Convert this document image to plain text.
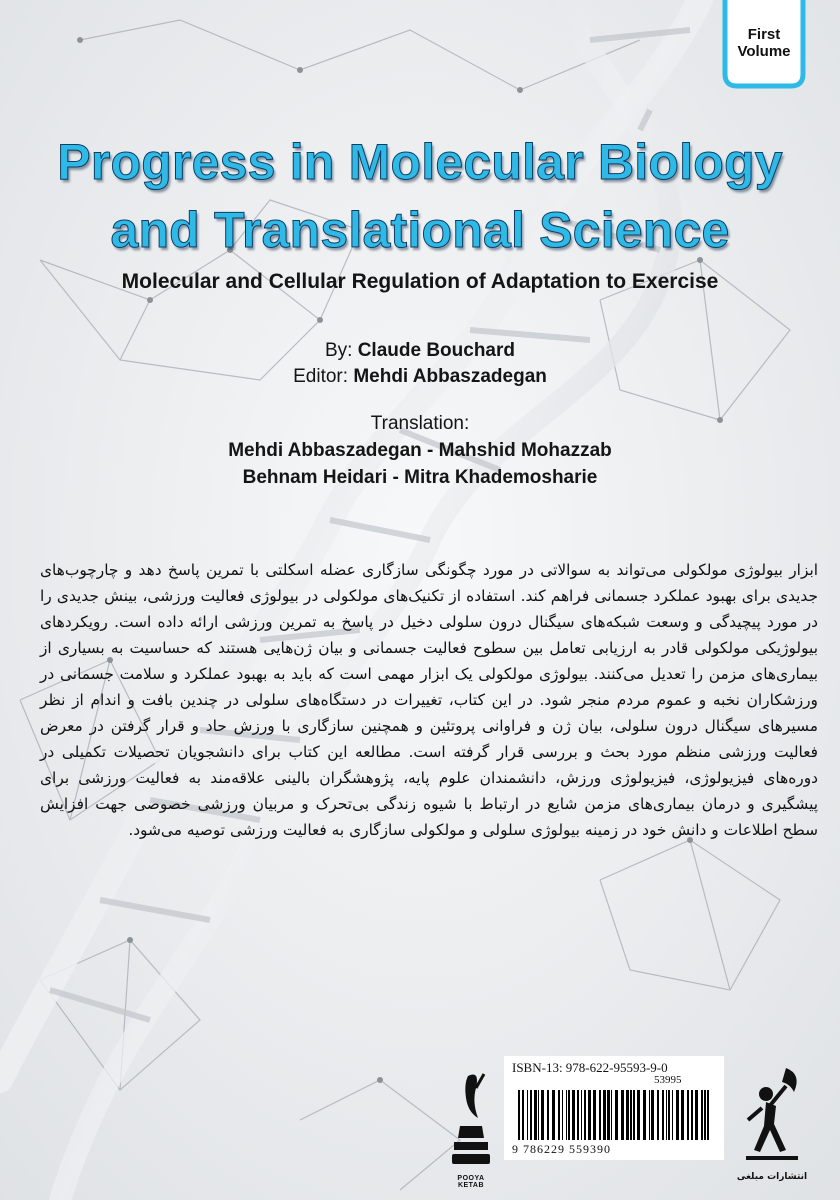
First
Volume
Progress in Molecular Biology
and Translational Science
Molecular and Cellular Regulation of Adaptation to Exercise
By: Claude Bouchard
Editor: Mehdi Abbaszadegan
Translation:
Mehdi Abbaszadegan - Mahshid Mohazzab
Behnam Heidari - Mitra Khademosharie
ابزار بیولوژی مولکولی می‌تواند به سوالاتی در مورد چگونگی سازگاری عضله اسکلتی با تمرین پاسخ دهد و چارچوب‌های جدیدی برای بهبود عملکرد جسمانی فراهم کند. استفاده از تکنیک‌های مولکولی در بیولوژی فعالیت ورزشی، بینش جدیدی را در مورد پیچیدگی و وسعت شبکه‌های سیگنال درون سلولی دخیل در پاسخ به تمرین ورزشی ارائه داده است. رویکردهای بیولوژیکی مولکولی قادر به ارزیابی تعامل بین سطوح فعالیت جسمانی و بیان ژن‌هایی هستند که حساسیت به بسیاری از بیماری‌های مزمن را تعدیل می‌کنند. بیولوژی مولکولی یک ابزار مهمی است که باید به بهبود عملکرد و سلامت جسمانی در ورزشکاران نخبه و عموم مردم منجر شود. در این کتاب، تغییرات در دستگاه‌های سلولی در چندین بافت و اندام از نظر مسیرهای سیگنال درون سلولی، بیان ژن و فراوانی پروتئین و همچنین سازگاری با ورزش حاد و قرار گرفتن در معرض فعالیت ورزشی منظم مورد بحث و بررسی قرار گرفته است. مطالعه این کتاب برای دانشجویان تحصیلات تکمیلی در دوره‌های فیزیولوژی، فیزیولوژی ورزش، دانشمندان علوم پایه، پژوهشگران بالینی علاقه‌مند به فعالیت ورزشی برای پیشگیری و درمان بیماری‌های مزمن شایع در ارتباط با شیوه زندگی بی‌تحرک و مربیان ورزشی خصوصی جهت افزایش سطح اطلاعات و دانش خود در زمینه بیولوژی سلولی و مولکولی سازگاری به فعالیت ورزشی توصیه می‌شود.
POOYA KETAB
ISBN-13: 978-622-95593-9-0
53995
9 786229 559390
انتشارات مبلغی
